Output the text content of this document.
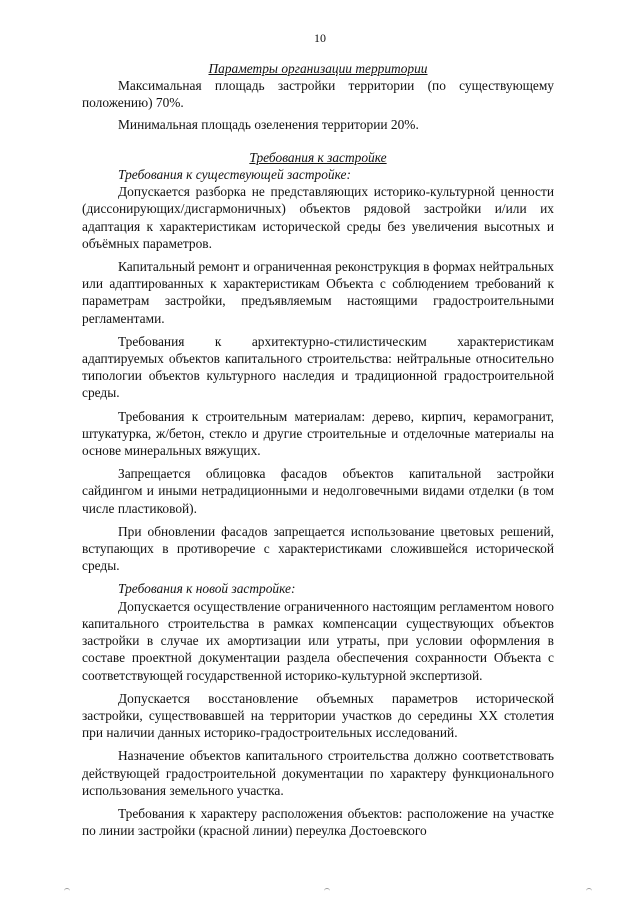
10

Параметры организации территории

Максимальная площадь застройки территории (по существующему положению) 70%.

Минимальная площадь озеленения территории 20%.

Требования к застройке

Требования к существующей застройке:

Допускается разборка не представляющих историко-культурной ценности (диссонирующих/дисгармоничных) объектов рядовой застройки и/или их адаптация к характеристикам исторической среды без увеличения высотных и объёмных параметров.

Капитальный ремонт и ограниченная реконструкция в формах нейтральных или адаптированных к характеристикам Объекта с соблюдением требований к параметрам застройки, предъявляемым настоящими градостроительными регламентами.

Требования к архитектурно-стилистическим характеристикам адаптируемых объектов капитального строительства: нейтральные относительно типологии объектов культурного наследия и традиционной градостроительной среды.

Требования к строительным материалам: дерево, кирпич, керамогранит, штукатурка, ж/бетон, стекло и другие строительные и отделочные материалы на основе минеральных вяжущих.

Запрещается облицовка фасадов объектов капитальной застройки сайдингом и иными нетрадиционными и недолговечными видами отделки (в том числе пластиковой).

При обновлении фасадов запрещается использование цветовых решений, вступающих в противоречие с характеристиками сложившейся исторической среды.

Требования к новой застройке:

Допускается осуществление ограниченного настоящим регламентом нового капитального строительства в рамках компенсации существующих объектов застройки в случае их амортизации или утраты, при условии оформления в составе проектной документации раздела обеспечения сохранности Объекта с соответствующей государственной историко-культурной экспертизой.

Допускается восстановление объемных параметров исторической застройки, существовавшей на территории участков до середины XX столетия при наличии данных историко-градостроительных исследований.

Назначение объектов капитального строительства должно соответствовать действующей градостроительной документации по характеру функционального использования земельного участка.

Требования к характеру расположения объектов: расположение на участке по линии застройки (красной линии) переулка Достоевского
